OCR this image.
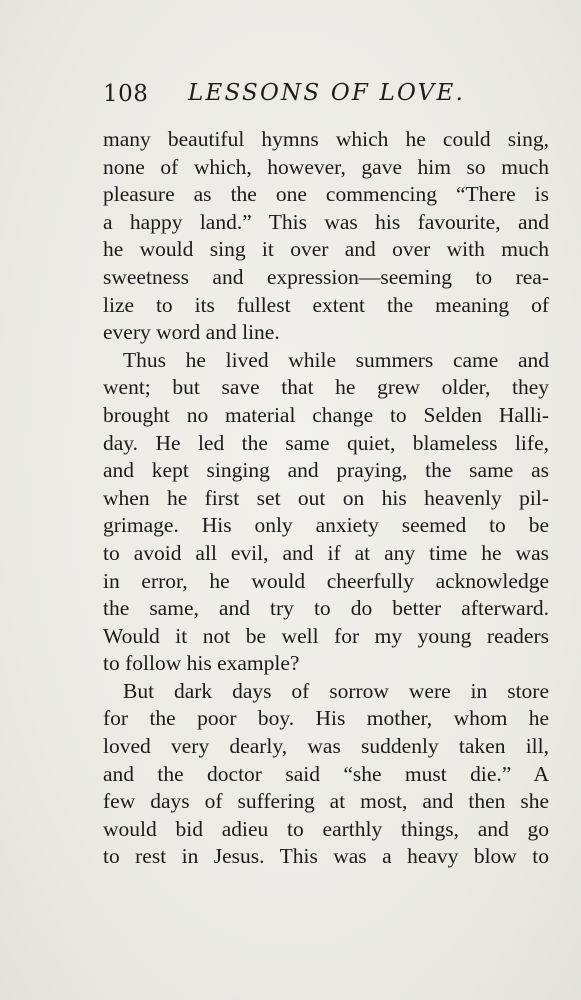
108 LESSONS OF LOVE.

many beautiful hymns which he could sing,
none of which, however, gave him so much
pleasure as the one commencing “There is
a happy land.” This was his favourite, and
he would sing it over and over with much
sweetness and expression—seeming to rea-
lize to its fullest extent the meaning of
every word and line.

Thus he lived while summers came and
went; but save that he grew older, they
brought no material change to Selden Halli-
day. He led the same quiet, blameless life,
and kept singing and praying, the same as
when he first set out on his heavenly pil-
grimage. His only anxiety seemed to be
to avoid all evil, and if at any time he was
in error, he would cheerfully acknowledge
the same, and try to do better afterward.
Would it not be well for my young readers
to follow his example?

But dark days of sorrow were in store
for the poor boy. His mother, whom he
loved very dearly, was suddenly taken ill,
and the doctor said “she must die.” A
few days of suffering at most, and then she
would bid adieu to earthly things, and go
to rest in Jesus. This was a heavy blow to
